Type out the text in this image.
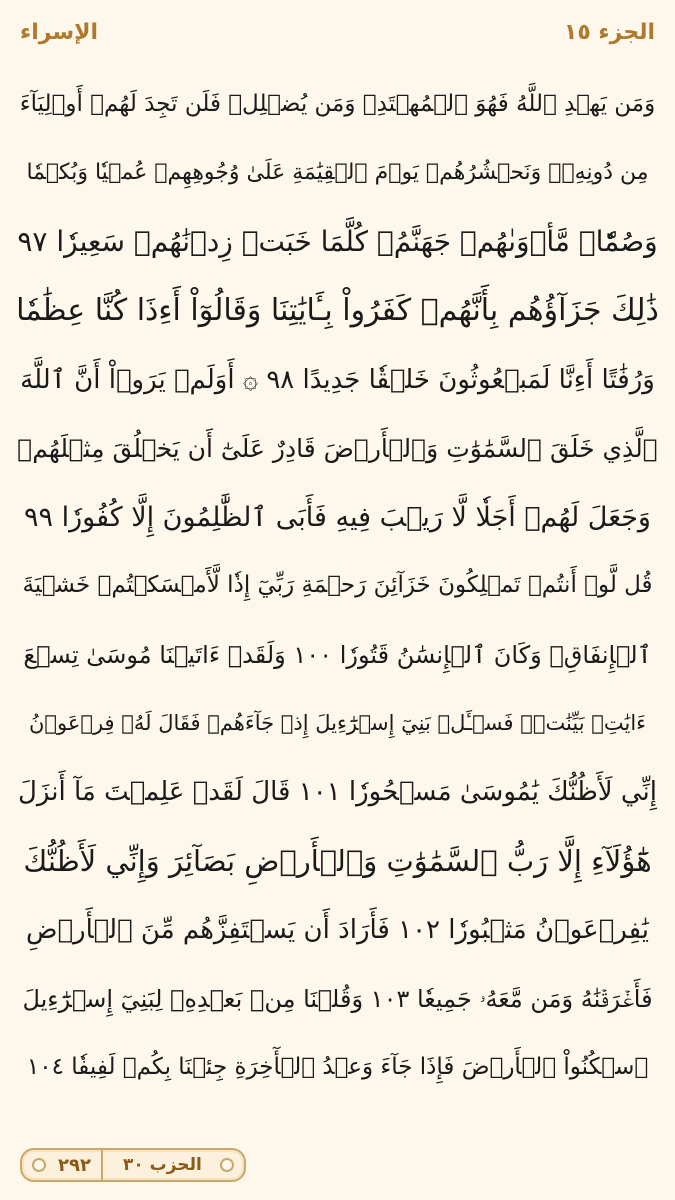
الجزء ١٥
الإسراء
وَمَن يَهۡدِ ٱللَّهُ فَهُوَ ٱلۡمُهۡتَدِۖ وَمَن يُضۡلِلۡ فَلَن تَجِدَ لَهُمۡ أَوۡلِيَآءَ
مِن دُونِهِۦۖ وَنَحۡشُرُهُمۡ يَوۡمَ ٱلۡقِيَٰمَةِ عَلَىٰ وُجُوهِهِمۡ عُمۡيٗا وَبُكۡمٗا
وَصُمّٗاۖ مَّأۡوَىٰهُمۡ جَهَنَّمُۖ كُلَّمَا خَبَتۡ زِدۡنَٰهُمۡ سَعِيرٗا ٩٧
ذَٰلِكَ جَزَآؤُهُم بِأَنَّهُمۡ كَفَرُواْ بِـَٔايَٰتِنَا وَقَالُوٓاْ أَءِذَا كُنَّا عِظَٰمٗا
وَرُفَٰتًا أَءِنَّا لَمَبۡعُوثُونَ خَلۡقٗا جَدِيدًا ٩٨ ۞ أَوَلَمۡ يَرَوۡاْ أَنَّ ٱللَّهَ
ٱلَّذِي خَلَقَ ٱلسَّمَٰوَٰتِ وَٱلۡأَرۡضَ قَادِرٌ عَلَىٰٓ أَن يَخۡلُقَ مِثۡلَهُمۡ
وَجَعَلَ لَهُمۡ أَجَلٗا لَّا رَيۡبَ فِيهِ فَأَبَى ٱلظَّٰلِمُونَ إِلَّا كُفُورٗا ٩٩
قُل لَّوۡ أَنتُمۡ تَمۡلِكُونَ خَزَآئِنَ رَحۡمَةِ رَبِّيٓ إِذٗا لَّأَمۡسَكۡتُمۡ خَشۡيَةَ
ٱلۡإِنفَاقِۚ وَكَانَ ٱلۡإِنسَٰنُ قَتُورٗا ١٠٠ وَلَقَدۡ ءَاتَيۡنَا مُوسَىٰ تِسۡعَ
ءَايَٰتِۭ بَيِّنَٰتٖۖ فَسۡـَٔلۡ بَنِيٓ إِسۡرَٰٓءِيلَ إِذۡ جَآءَهُمۡ فَقَالَ لَهُۥ فِرۡعَوۡنُ
إِنِّي لَأَظُنُّكَ يَٰمُوسَىٰ مَسۡحُورٗا ١٠١ قَالَ لَقَدۡ عَلِمۡتَ مَآ أَنزَلَ
هَٰٓؤُلَآءِ إِلَّا رَبُّ ٱلسَّمَٰوَٰتِ وَٱلۡأَرۡضِ بَصَآئِرَ وَإِنِّي لَأَظُنُّكَ
يَٰفِرۡعَوۡنُ مَثۡبُورٗا ١٠٢ فَأَرَادَ أَن يَسۡتَفِزَّهُم مِّنَ ٱلۡأَرۡضِ
فَأَغۡرَقۡنَٰهُ وَمَن مَّعَهُۥ جَمِيعٗا ١٠٣ وَقُلۡنَا مِنۢ بَعۡدِهِۦ لِبَنِيٓ إِسۡرَٰٓءِيلَ
ٱسۡكُنُواْ ٱلۡأَرۡضَ فَإِذَا جَآءَ وَعۡدُ ٱلۡأٓخِرَةِ جِئۡنَا بِكُمۡ لَفِيفٗا ١٠٤
الحزب ٣٠
٢٩٢
